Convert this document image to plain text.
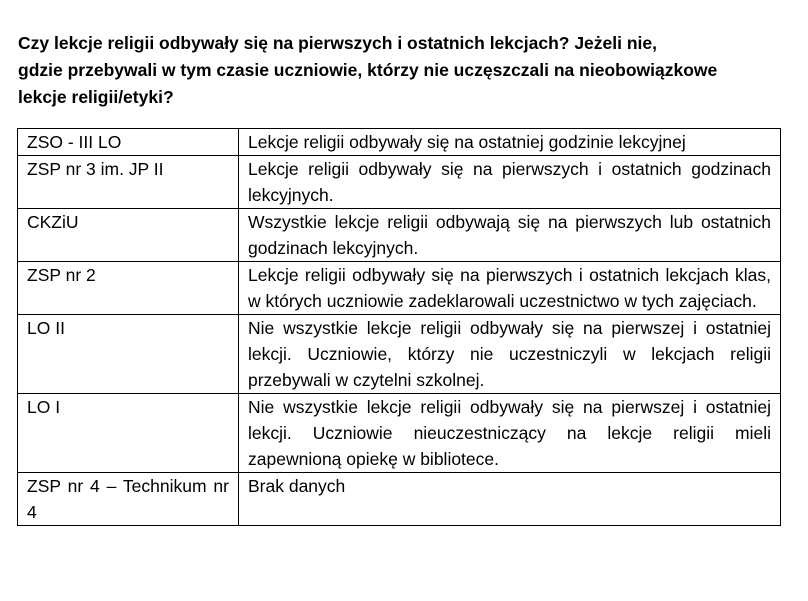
Czy lekcje religii odbywały się na pierwszych i ostatnich lekcjach? Jeżeli nie,
gdzie przebywali w tym czasie uczniowie, którzy nie uczęszczali na nieobowiązkowe
lekcje religii/etyki?
ZSO - III LO	Lekcje religii odbywały się na ostatniej godzinie lekcyjnej

ZSP nr 3 im. JP II	Lekcje religii odbywały się na pierwszych i ostatnich godzinach lekcyjnych.

CKZiU	Wszystkie lekcje religii odbywają się na pierwszych lub ostatnich godzinach lekcyjnych.

ZSP nr 2	Lekcje religii odbywały się na pierwszych i ostatnich lekcjach klas, w których uczniowie zadeklarowali uczestnictwo w tych zajęciach.

LO II	Nie wszystkie lekcje religii odbywały się na pierwszej i ostatniej lekcji. Uczniowie, którzy nie uczestniczyli w lekcjach religii przebywali w czytelni szkolnej.

LO I	Nie wszystkie lekcje religii odbywały się na pierwszej i ostatniej lekcji. Uczniowie nieuczestniczący na lekcje religii mieli zapewnioną opiekę w bibliotece.

ZSP nr 4 – Technikum nr 4	Brak danych
